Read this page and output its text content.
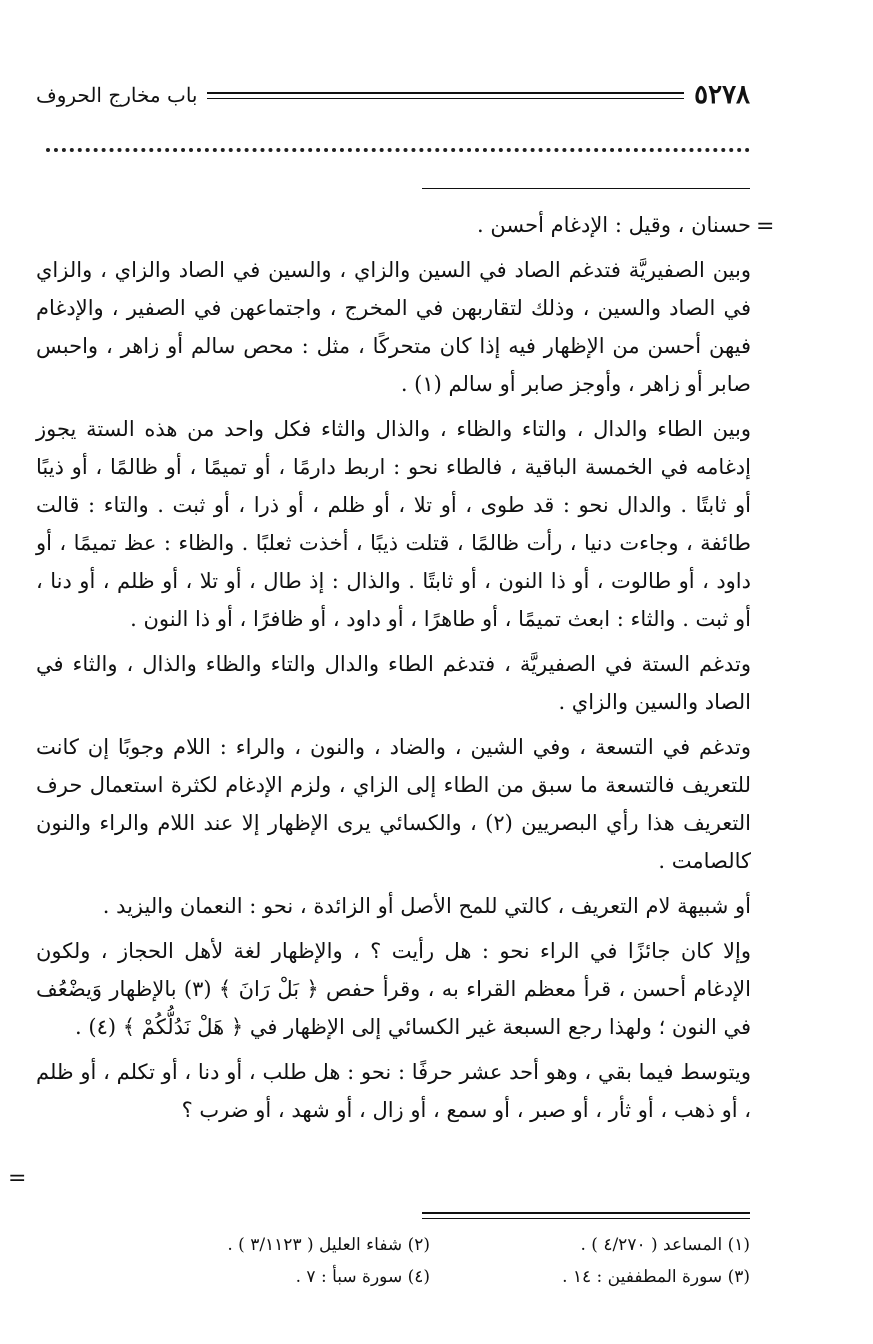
٥٢٧٨
باب مخارج الحروف
=

حسنان ، وقيل : الإدغام أحسن .

وبين الصفيريَّة فتدغم الصاد في السين والزاي ، والسين في الصاد والزاي ، والزاي في الصاد والسين ، وذلك لتقاربهن في المخرج ، واجتماعهن في الصفير ، والإدغام فيهن أحسن من الإظهار فيه إذا كان متحركًا ، مثل : محص سالم أو زاهر ، واحبس صابر أو زاهر ، وأوجز صابر أو سالم (١) .

وبين الطاء والدال ، والتاء والظاء ، والذال والثاء فكل واحد من هذه الستة يجوز إدغامه في الخمسة الباقية ، فالطاء نحو : اربط دارمًا ، أو تميمًا ، أو ظالمًا ، أو ذيبًا أو ثابتًا . والدال نحو : قد طوى ، أو تلا ، أو ظلم ، أو ذرا ، أو ثبت . والتاء : قالت طائفة ، وجاءت دنيا ، رأت ظالمًا ، قتلت ذيبًا ، أخذت ثعلبًا . والظاء : عظ تميمًا ، أو داود ، أو طالوت ، أو ذا النون ، أو ثابتًا . والذال : إذ طال ، أو تلا ، أو ظلم ، أو دنا ، أو ثبت . والثاء : ابعث تميمًا ، أو طاهرًا ، أو داود ، أو ظافرًا ، أو ذا النون .

وتدغم الستة في الصفيريَّة ، فتدغم الطاء والدال والتاء والظاء والذال ، والثاء في الصاد والسين والزاي .

وتدغم في التسعة ، وفي الشين ، والضاد ، والنون ، والراء : اللام وجوبًا إن كانت للتعريف فالتسعة ما سبق من الطاء إلى الزاي ، ولزم الإدغام لكثرة استعمال حرف التعريف هذا رأي البصريين (٢) ، والكسائي يرى الإظهار إلا عند اللام والراء والنون كالصامت .

أو شبيهة لام التعريف ، كالتي للمح الأصل أو الزائدة ، نحو : النعمان واليزيد .

وإلا كان جائزًا في الراء نحو : هل رأيت ؟ ، والإظهار لغة لأهل الحجاز ، ولكون الإدغام أحسن ، قرأ معظم القراء به ، وقرأ حفص ﴿ بَلْ رَانَ ﴾ (٣) بالإظهار وَيضْعُف في النون ؛ ولهذا رجع السبعة غير الكسائي إلى الإظهار في ﴿ هَلْ نَدُلُّكُمْ ﴾ (٤) .

ويتوسط فيما بقي ، وهو أحد عشر حرفًا : نحو : هل طلب ، أو دنا ، أو تكلم ، أو ظلم ، أو ذهب ، أو ثأر ، أو صبر ، أو سمع ، أو زال ، أو شهد ، أو ضرب ؟

=
(١) المساعد ( ٤/٢٧٠ ) .
(٢) شفاء العليل ( ٣/١١٢٣ ) .
(٣) سورة المطففين : ١٤ .
(٤) سورة سبأ : ٧ .
